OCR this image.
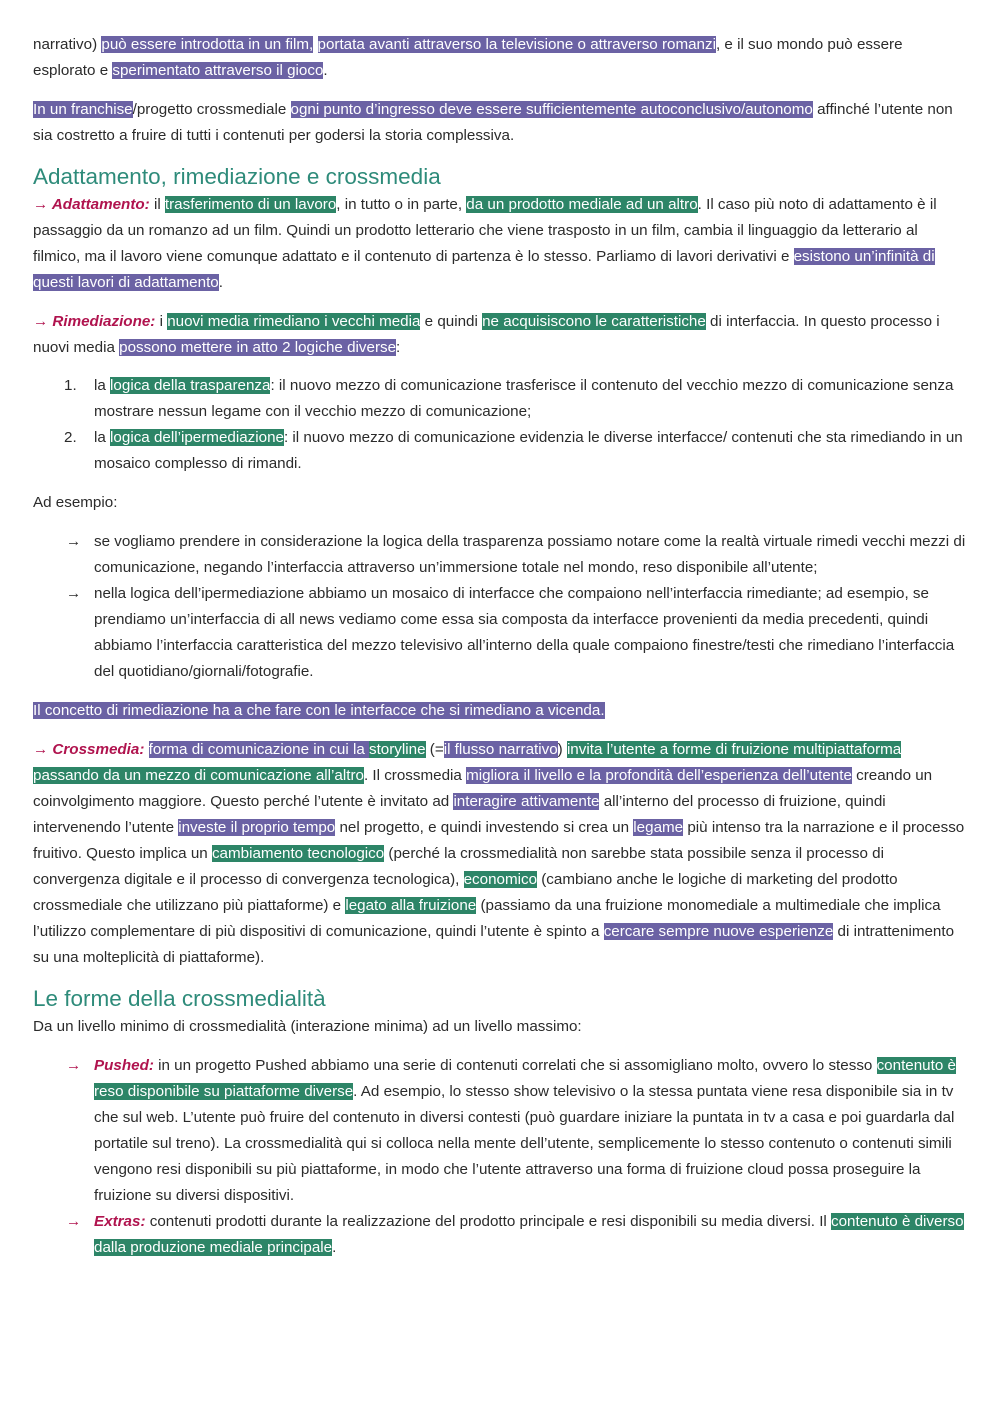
narrativo) può essere introdotta in un film, portata avanti attraverso la televisione o attraverso romanzi, e il suo mondo può essere esplorato e sperimentato attraverso il gioco.

In un franchise/progetto crossmediale ogni punto d’ingresso deve essere sufficientemente autoconclusivo/autonomo affinché l’utente non sia costretto a fruire di tutti i contenuti per godersi la storia complessiva.

Adattamento, rimediazione e crossmedia

→ Adattamento: il trasferimento di un lavoro, in tutto o in parte, da un prodotto mediale ad un altro. Il caso più noto di adattamento è il passaggio da un romanzo ad un film. Quindi un prodotto letterario che viene trasposto in un film, cambia il linguaggio da letterario al filmico, ma il lavoro viene comunque adattato e il contenuto di partenza è lo stesso. Parliamo di lavori derivativi e esistono un’infinità di questi lavori di adattamento.

→ Rimediazione: i nuovi media rimediano i vecchi media e quindi ne acquisiscono le caratteristiche di interfaccia. In questo processo i nuovi media possono mettere in atto 2 logiche diverse:

1. la logica della trasparenza: il nuovo mezzo di comunicazione trasferisce il contenuto del vecchio mezzo di comunicazione senza mostrare nessun legame con il vecchio mezzo di comunicazione;
2. la logica dell’ipermediazione: il nuovo mezzo di comunicazione evidenzia le diverse interfacce/ contenuti che sta rimediando in un mosaico complesso di rimandi.

Ad esempio:

→ se vogliamo prendere in considerazione la logica della trasparenza possiamo notare come la realtà virtuale rimedi vecchi mezzi di comunicazione, negando l’interfaccia attraverso un’immersione totale nel mondo, reso disponibile all’utente;
→ nella logica dell’ipermediazione abbiamo un mosaico di interfacce che compaiono nell’interfaccia rimediante; ad esempio, se prendiamo un’interfaccia di all news vediamo come essa sia composta da interfacce provenienti da media precedenti, quindi abbiamo l’interfaccia caratteristica del mezzo televisivo all’interno della quale compaiono finestre/testi che rimediano l’interfaccia del quotidiano/giornali/fotografie.

Il concetto di rimediazione ha a che fare con le interfacce che si rimediano a vicenda.

→ Crossmedia: forma di comunicazione in cui la storyline (=il flusso narrativo) invita l’utente a forme di fruizione multipiattaforma passando da un mezzo di comunicazione all’altro. Il crossmedia migliora il livello e la profondità dell’esperienza dell’utente creando un coinvolgimento maggiore. Questo perché l’utente è invitato ad interagire attivamente all’interno del processo di fruizione, quindi intervenendo l’utente investe il proprio tempo nel progetto, e quindi investendo si crea un legame più intenso tra la narrazione e il processo fruitivo. Questo implica un cambiamento tecnologico (perché la crossmedialità non sarebbe stata possibile senza il processo di convergenza digitale e il processo di convergenza tecnologica), economico (cambiano anche le logiche di marketing del prodotto crossmediale che utilizzano più piattaforme) e legato alla fruizione (passiamo da una fruizione monomediale a multimediale che implica l’utilizzo complementare di più dispositivi di comunicazione, quindi l’utente è spinto a cercare sempre nuove esperienze di intrattenimento su una molteplicità di piattaforme).

Le forme della crossmedialità

Da un livello minimo di crossmedialità (interazione minima) ad un livello massimo:

→ Pushed: in un progetto Pushed abbiamo una serie di contenuti correlati che si assomigliano molto, ovvero lo stesso contenuto è reso disponibile su piattaforme diverse. Ad esempio, lo stesso show televisivo o la stessa puntata viene resa disponibile sia in tv che sul web. L’utente può fruire del contenuto in diversi contesti (può guardare iniziare la puntata in tv a casa e poi guardarla dal portatile sul treno). La crossmedialità qui si colloca nella mente dell’utente, semplicemente lo stesso contenuto o contenuti simili vengono resi disponibili su più piattaforme, in modo che l’utente attraverso una forma di fruizione cloud possa proseguire la fruizione su diversi dispositivi.
→ Extras: contenuti prodotti durante la realizzazione del prodotto principale e resi disponibili su media diversi. Il contenuto è diverso dalla produzione mediale principale.
